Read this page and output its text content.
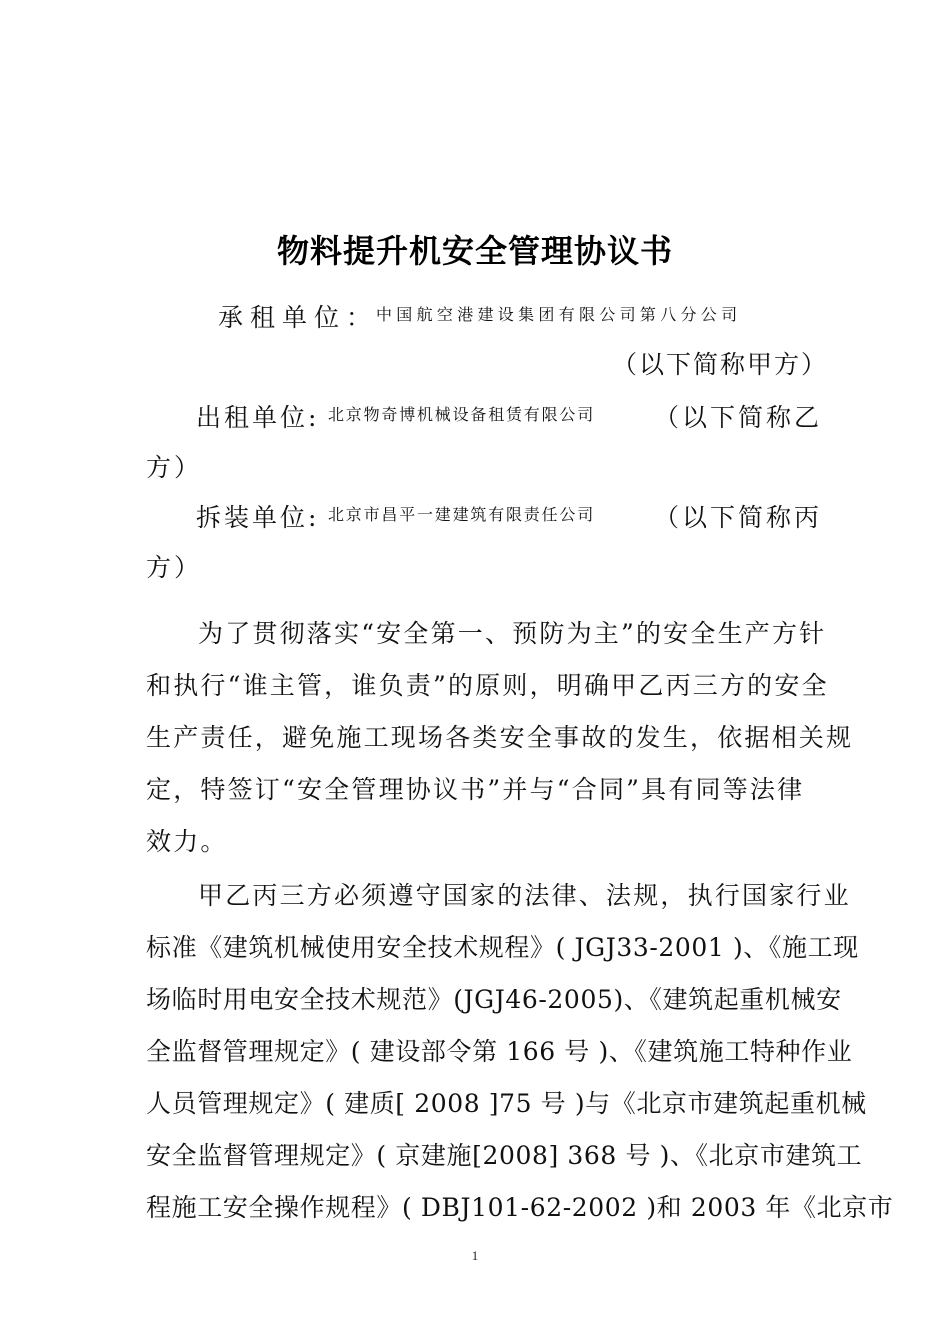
物料提升机安全管理协议书
承租单位：
中国航空港建设集团有限公司第八分公司
（以下简称甲方）
出租单位: 北京物奇博机械设备租赁有限公司 （以下简称乙
方）
拆装单位: 北京市昌平一建建筑有限责任公司 （以下简称丙
方）
为了贯彻落实“安全第一、预防为主”的安全生产方针
和执行“谁主管，谁负责”的原则，明确甲乙丙三方的安全
生产责任，避免施工现场各类安全事故的发生，依据相关规
定，特签订“安全管理协议书”并与“合同”具有同等法律
效力。
甲乙丙三方必须遵守国家的法律、法规，执行国家行业
标准《建筑机械使用安全技术规程》( JGJ33-2001 )、《施工现
场临时用电安全技术规范》(JGJ46-2005)、《建筑起重机械安
全监督管理规定》( 建设部令第 166 号 )、《建筑施工特种作业
人员管理规定》( 建质[ 2008 ]75 号 )与《北京市建筑起重机械
安全监督管理规定》( 京建施[2008] 368 号 )、《北京市建筑工
程施工安全操作规程》( DBJ101-62-2002 )和 2003 年《北京市
1
